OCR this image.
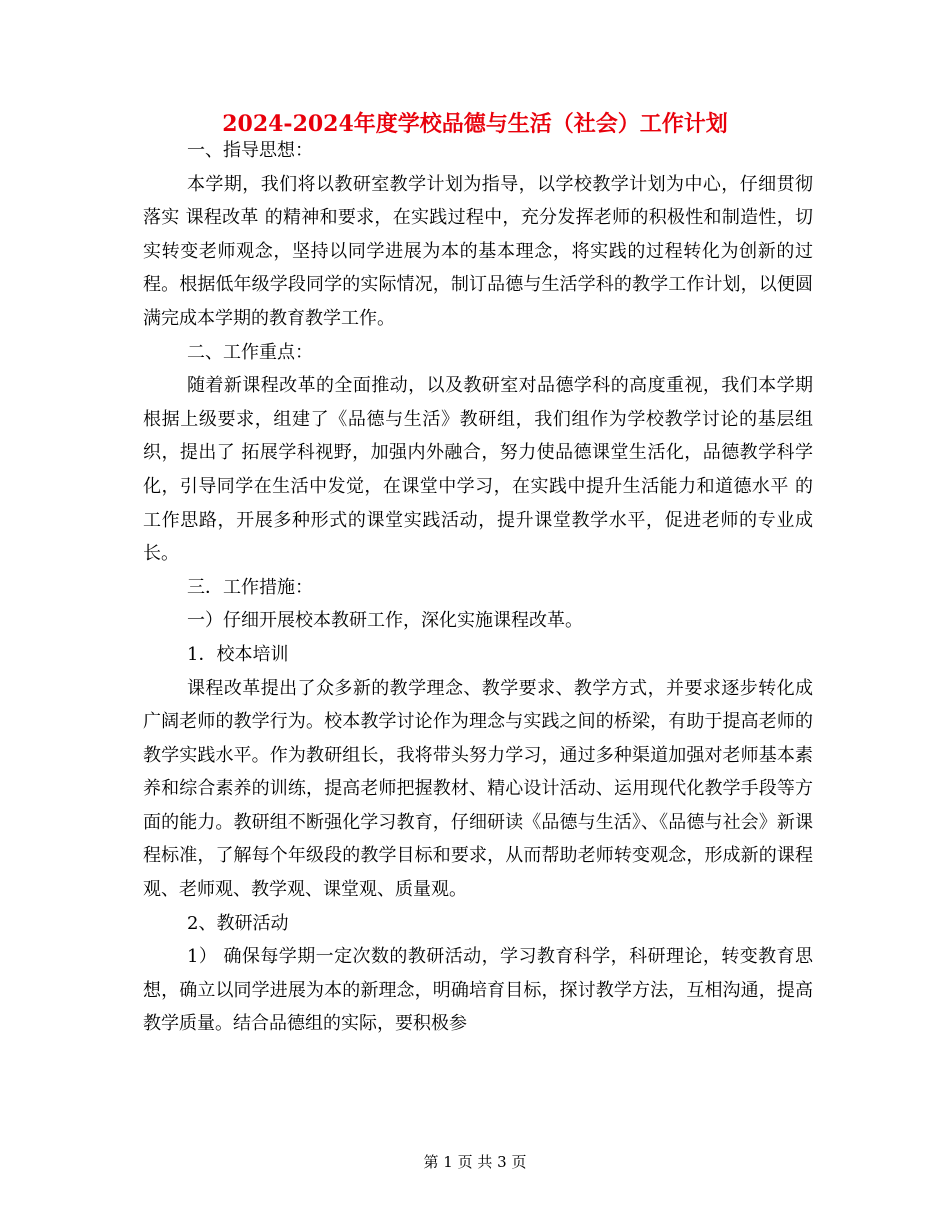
2024-2024年度学校品德与生活（社会）工作计划

一、指导思想：

本学期，我们将以教研室教学计划为指导，以学校教学计划为中心，仔细贯彻落实 课程改革 的精神和要求，在实践过程中，充分发挥老师的积极性和制造性，切实转变老师观念，坚持以同学进展为本的基本理念，将实践的过程转化为创新的过程。根据低年级学段同学的实际情况，制订品德与生活学科的教学工作计划，以便圆满完成本学期的教育教学工作。

二、工作重点：

随着新课程改革的全面推动，以及教研室对品德学科的高度重视，我们本学期根据上级要求，组建了《品德与生活》教研组，我们组作为学校教学讨论的基层组织，提出了 拓展学科视野，加强内外融合，努力使品德课堂生活化，品德教学科学化，引导同学在生活中发觉，在课堂中学习，在实践中提升生活能力和道德水平 的工作思路，开展多种形式的课堂实践活动，提升课堂教学水平，促进老师的专业成长。

三．工作措施：

一）仔细开展校本教研工作，深化实施课程改革。

1．校本培训

课程改革提出了众多新的教学理念、教学要求、教学方式，并要求逐步转化成广阔老师的教学行为。校本教学讨论作为理念与实践之间的桥梁，有助于提高老师的教学实践水平。作为教研组长，我将带头努力学习，通过多种渠道加强对老师基本素养和综合素养的训练，提高老师把握教材、精心设计活动、运用现代化教学手段等方面的能力。教研组不断强化学习教育，仔细研读《品德与生活》、《品德与社会》新课程标准，了解每个年级段的教学目标和要求，从而帮助老师转变观念，形成新的课程观、老师观、教学观、课堂观、质量观。

2、教研活动

1） 确保每学期一定次数的教研活动，学习教育科学，科研理论，转变教育思想，确立以同学进展为本的新理念，明确培育目标，探讨教学方法，互相沟通，提高教学质量。结合品德组的实际，要积极参

第 1 页 共 3 页
